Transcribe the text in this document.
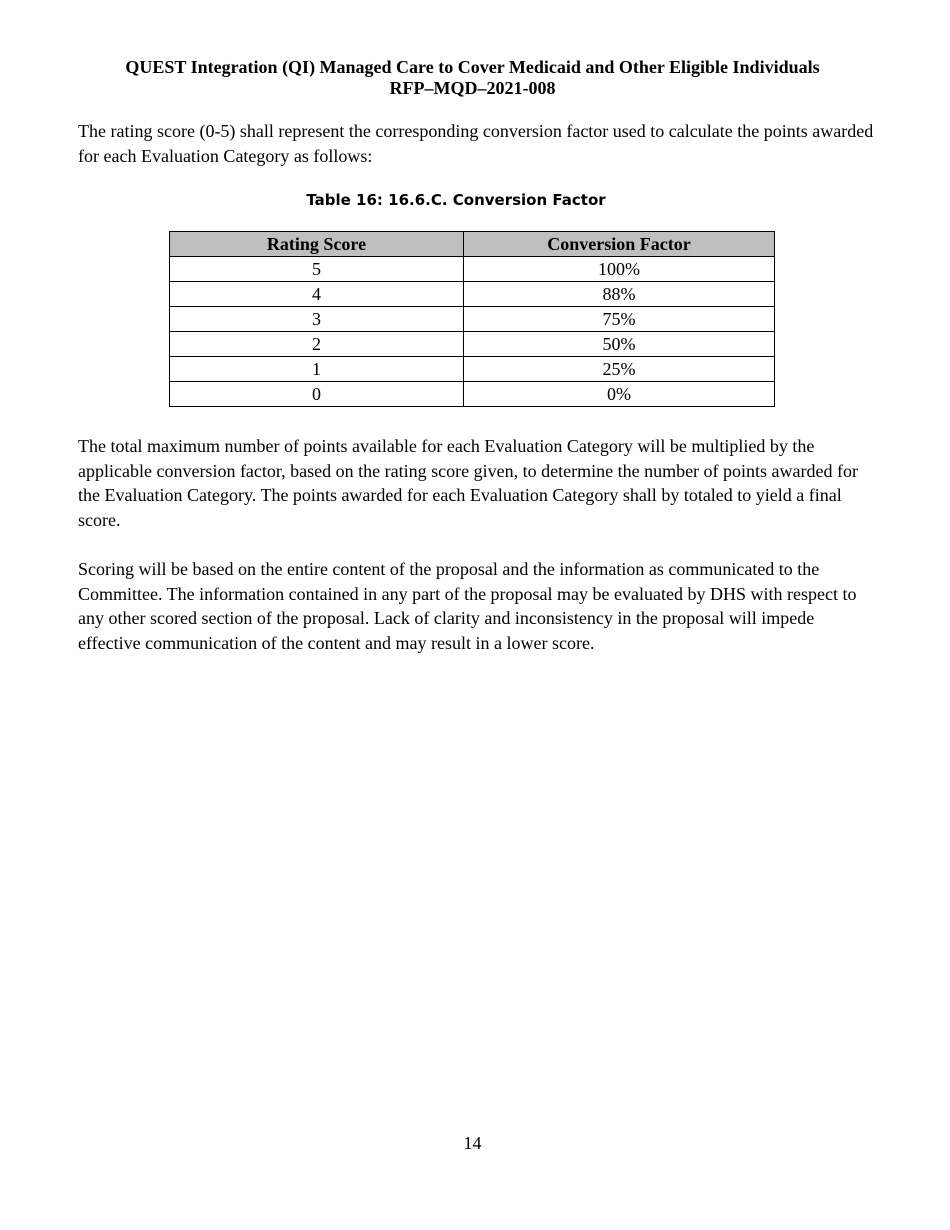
QUEST Integration (QI) Managed Care to Cover Medicaid and Other Eligible Individuals
RFP–MQD–2021-008

The rating score (0-5) shall represent the corresponding conversion factor used to calculate the points awarded for each Evaluation Category as follows:

Table 16: 16.6.C. Conversion Factor
Rating Score	Conversion Factor
5	100%
4	88%
3	75%
2	50%
1	25%
0	0%

The total maximum number of points available for each Evaluation Category will be multiplied by the applicable conversion factor, based on the rating score given, to determine the number of points awarded for the Evaluation Category. The points awarded for each Evaluation Category shall by totaled to yield a final score.

Scoring will be based on the entire content of the proposal and the information as communicated to the Committee. The information contained in any part of the proposal may be evaluated by DHS with respect to any other scored section of the proposal. Lack of clarity and inconsistency in the proposal will impede effective communication of the content and may result in a lower score.

14
